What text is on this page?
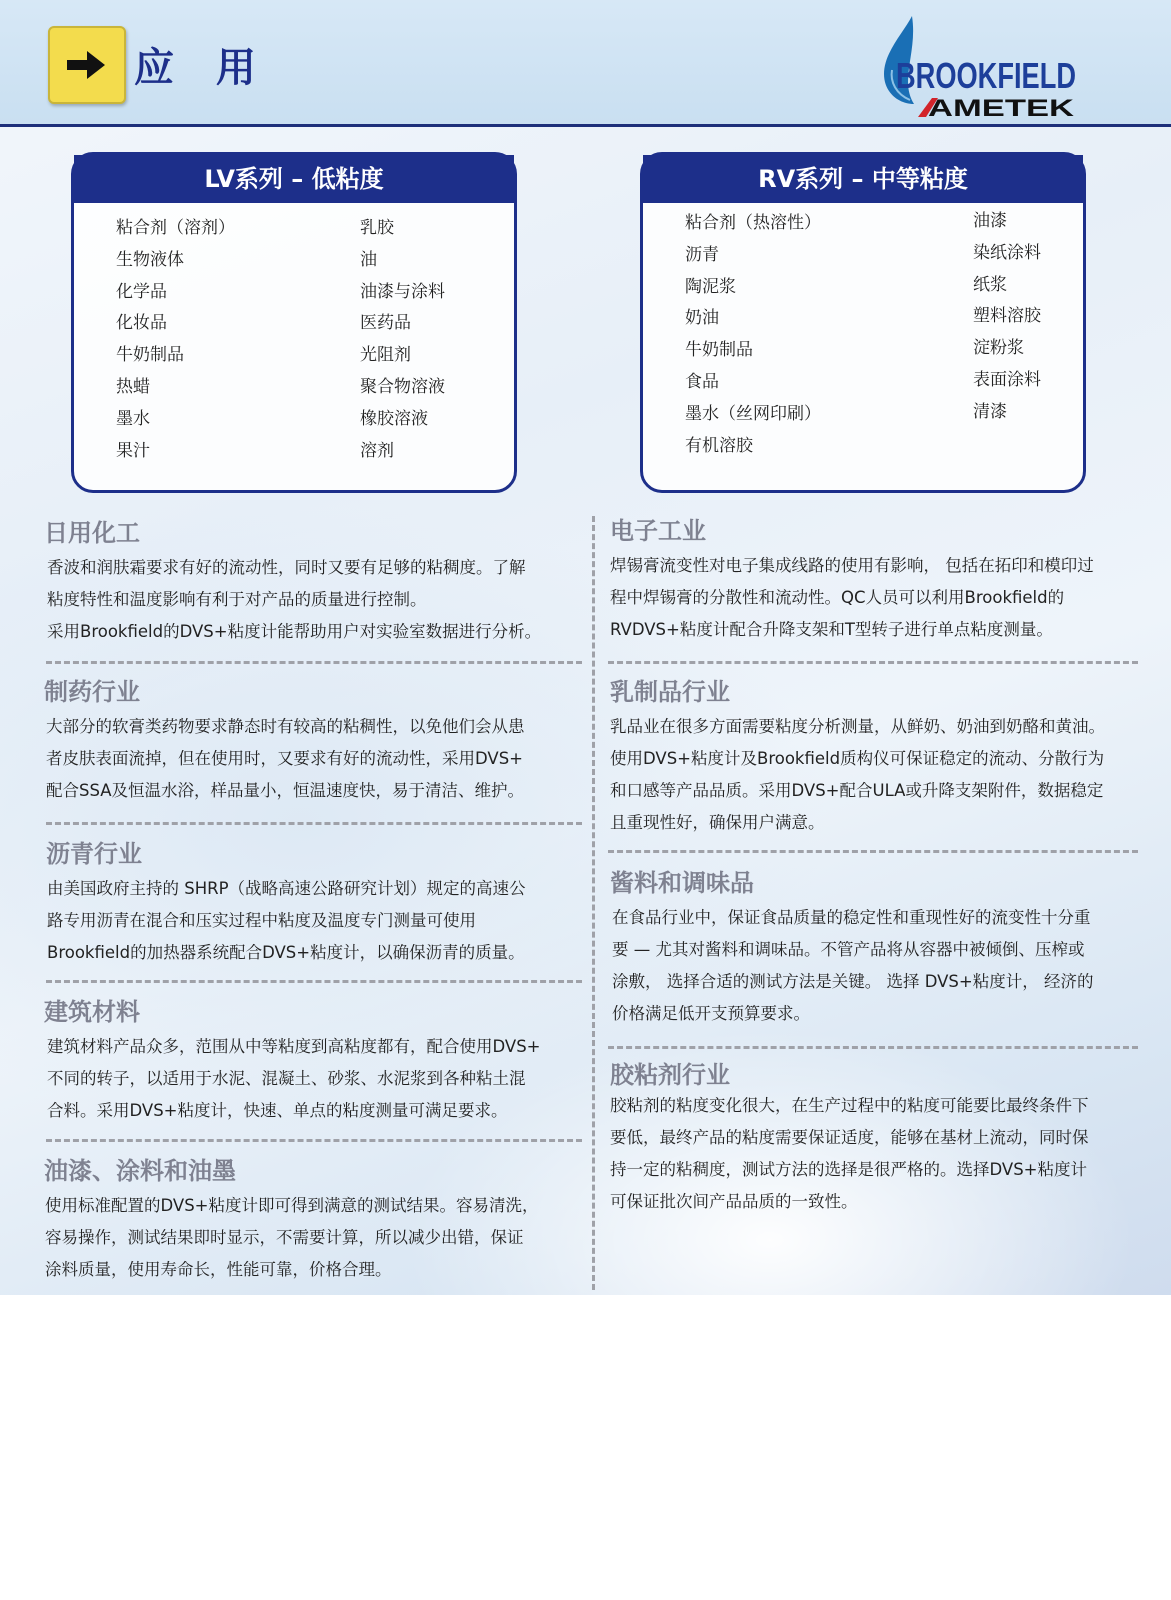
应 用	BROOKFIELD
AMETEK
LV系列 – 低粘度
粘合剂（溶剂）
生物液体
化学品
化妆品
牛奶制品
热蜡
墨水
果汁
乳胶
油
油漆与涂料
医药品
光阻剂
聚合物溶液
橡胶溶液
溶剂
RV系列 – 中等粘度
粘合剂（热溶性）
沥青
陶泥浆
奶油
牛奶制品
食品
墨水（丝网印刷）
有机溶胶
油漆
染纸涂料
纸浆
塑料溶胶
淀粉浆
表面涂料
清漆
日用化工
香波和润肤霜要求有好的流动性，同时又要有足够的粘稠度。了解
粘度特性和温度影响有利于对产品的质量进行控制。
采用Brookfield的DVS+粘度计能帮助用户对实验室数据进行分析。
制药行业
大部分的软膏类药物要求静态时有较高的粘稠性，以免他们会从患
者皮肤表面流掉，但在使用时，又要求有好的流动性，采用DVS+
配合SSA及恒温水浴，样品量小，恒温速度快，易于清洁、维护。
沥青行业
由美国政府主持的 SHRP（战略高速公路研究计划）规定的高速公
路专用沥青在混合和压实过程中粘度及温度专门测量可使用
Brookfield的加热器系统配合DVS+粘度计，以确保沥青的质量。
建筑材料
建筑材料产品众多，范围从中等粘度到高粘度都有，配合使用DVS+
不同的转子，以适用于水泥、混凝土、砂浆、水泥浆到各种粘土混
合料。采用DVS+粘度计，快速、单点的粘度测量可满足要求。
油漆、涂料和油墨
使用标准配置的DVS+粘度计即可得到满意的测试结果。容易清洗，
容易操作，测试结果即时显示，不需要计算，所以减少出错，保证
涂料质量，使用寿命长，性能可靠，价格合理。
电子工业
焊锡膏流变性对电子集成线路的使用有影响， 包括在拓印和模印过
程中焊锡膏的分散性和流动性。QC人员可以利用Brookfield的
RVDVS+粘度计配合升降支架和T型转子进行单点粘度测量。
乳制品行业
乳品业在很多方面需要粘度分析测量，从鲜奶、奶油到奶酪和黄油。
使用DVS+粘度计及Brookfield质构仪可保证稳定的流动、分散行为
和口感等产品品质。采用DVS+配合ULA或升降支架附件，数据稳定
且重现性好，确保用户满意。
酱料和调味品
在食品行业中，保证食品质量的稳定性和重现性好的流变性十分重
要 — 尤其对酱料和调味品。不管产品将从容器中被倾倒、压榨或
涂敷， 选择合适的测试方法是关键。 选择 DVS+粘度计， 经济的
价格满足低开支预算要求。
胶粘剂行业
胶粘剂的粘度变化很大，在生产过程中的粘度可能要比最终条件下
要低，最终产品的粘度需要保证适度，能够在基材上流动，同时保
持一定的粘稠度，测试方法的选择是很严格的。选择DVS+粘度计
可保证批次间产品品质的一致性。
